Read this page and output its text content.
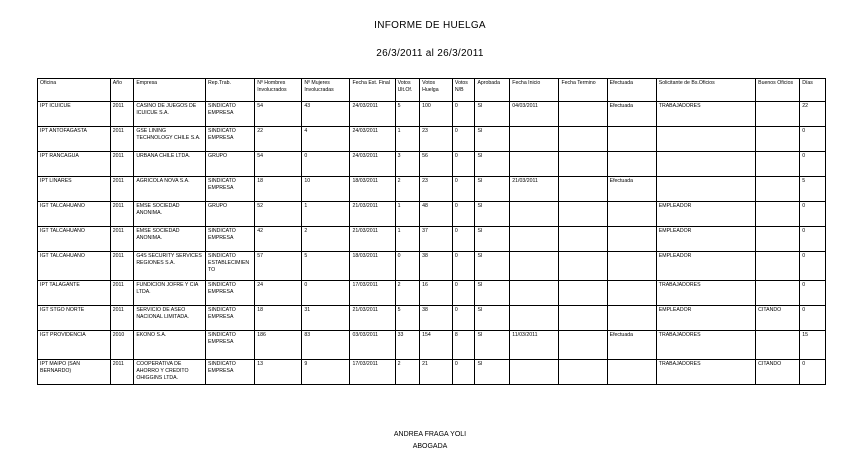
INFORME DE HUELGA
26/3/2011 al 26/3/2011
Oficina	Año	Empresa	Rep.Trab.	Nº Hombres Involucrados	Nº Mujeres Involucradas	Fecha Est. Final	Votos Ult.Of.	Votos Huelga	Votos N/B	Aprobada	Fecha Inicio	Fecha Termino	Efectuada	Solicitante de Bs.Oficios	Buenos Oficios	Días
IPT ICUICUE	2011	CASINO DE JUEGOS DE ICUICUE S.A.	SINDICATO EMPRESA	54	43	24/03/2011	5	100	0	SI	04/03/2011		Efectuada	TRABAJADORES		22
IPT ANTOFAGASTA	2011	GSE LINING TECHNOLOGY CHILE S.A.	SINDICATO EMPRESA	22	4	24/03/2011	1	23	0	SI						0
IPT RANCAGUA	2011	URBANA CHILE LTDA.	GRUPO	54	0	24/03/2011	3	56	0	SI						0
IPT LINARES	2011	AGRICOLA NOVA S.A.	SINDICATO EMPRESA	18	10	18/03/2011	2	23	0	SI	21/03/2011		Efectuada			5
IGT TALCAHUANO	2011	EMSE SOCIEDAD ANONIMA.	GRUPO	52	1	21/03/2011	1	48	0	SI				EMPLEADOR		0
IGT TALCAHUANO	2011	EMSE SOCIEDAD ANONIMA.	SINDICATO EMPRESA	42	2	21/03/2011	1	37	0	SI				EMPLEADOR		0
IGT TALCAHUANO	2011	G4S SECURITY SERVICES REGIONES S.A.	SINDICATO ESTABLECIMIENTO	57	5	18/03/2011	0	38	0	SI				EMPLEADOR		0
IPT TALAGANTE	2011	FUNDICION JOFRE Y CIA LTDA.	SINDICATO EMPRESA	24	0	17/03/2011	2	16	0	SI				TRABAJADORES		0
IGT STGO NORTE	2011	SERVICIO DE ASEO NACIONAL LIMITADA.	SINDICATO EMPRESA	18	31	21/03/2011	5	38	0	SI				EMPLEADOR	CITANDO	0
IGT PROVIDENCIA	2010	EKONO S.A.	SINDICATO EMPRESA	186	83	03/03/2011	33	154	8	SI	11/03/2011		Efectuada	TRABAJADORES		15
IPT MAIPO (SAN BERNARDO)	2011	COOPERATIVA DE AHORRO Y CREDITO OHIGGINS LTDA.	SINDICATO EMPRESA	13	9	17/03/2011	2	21	0	SI				TRABAJADORES	CITANDO	0
ANDREA FRAGA YOLI
ABOGADA
